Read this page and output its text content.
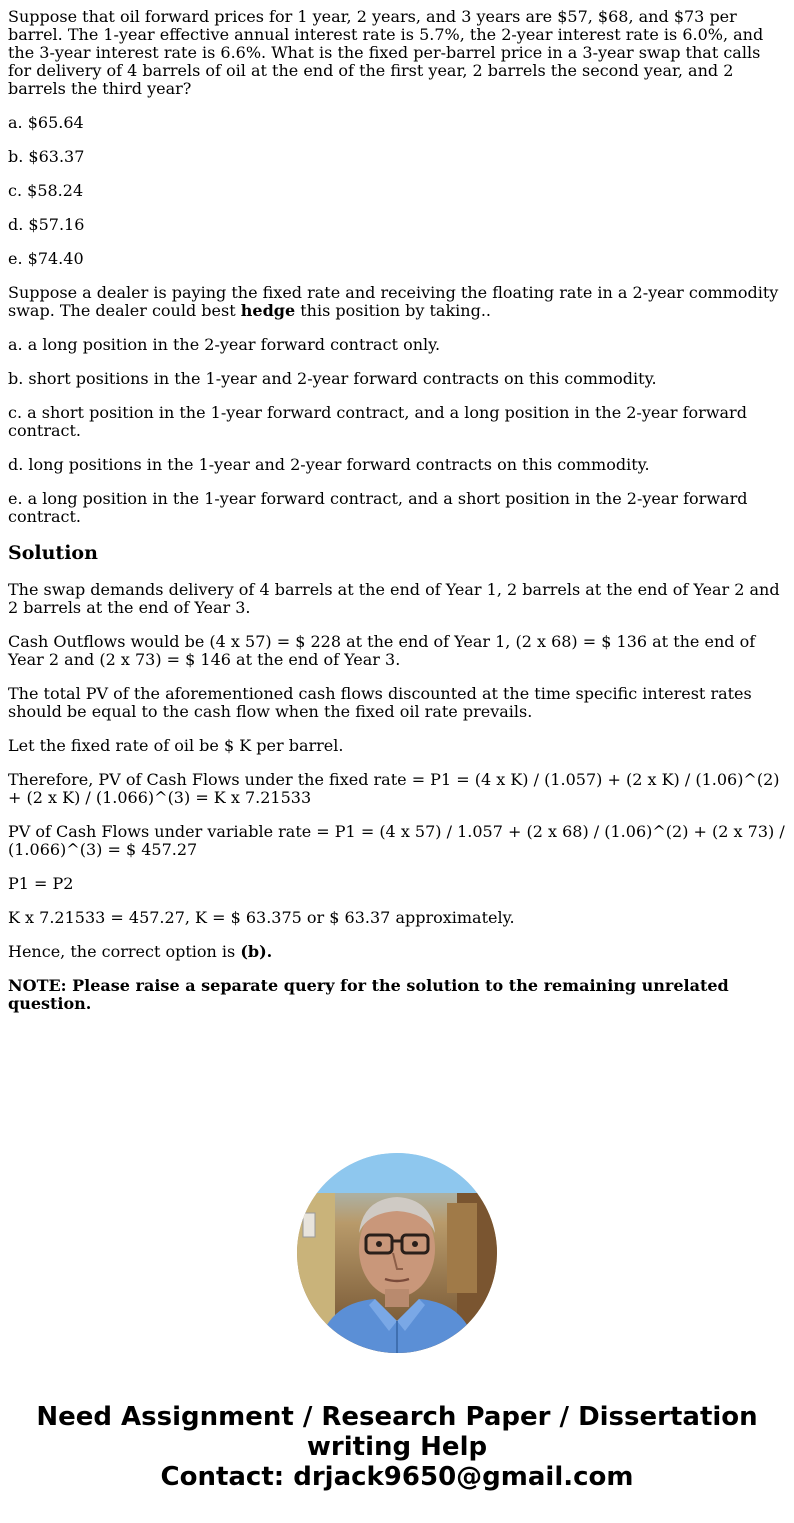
Suppose that oil forward prices for 1 year, 2 years, and 3 years are $57, $68, and $73 per barrel. The 1-year effective annual interest rate is 5.7%, the 2-year interest rate is 6.0%, and the 3-year interest rate is 6.6%. What is the fixed per-barrel price in a 3-year swap that calls for delivery of 4 barrels of oil at the end of the first year, 2 barrels the second year, and 2 barrels the third year?

a. $65.64

b. $63.37

c. $58.24

d. $57.16

e. $74.40

Suppose a dealer is paying the fixed rate and receiving the floating rate in a 2-year commodity swap. The dealer could best hedge this position by taking..

a. a long position in the 2-year forward contract only.

b. short positions in the 1-year and 2-year forward contracts on this commodity.

c. a short position in the 1-year forward contract, and a long position in the 2-year forward contract.

d. long positions in the 1-year and 2-year forward contracts on this commodity.

e. a long position in the 1-year forward contract, and a short position in the 2-year forward contract.

Solution

The swap demands delivery of 4 barrels at the end of Year 1, 2 barrels at the end of Year 2 and 2 barrels at the end of Year 3.

Cash Outflows would be (4 x 57) = $ 228 at the end of Year 1, (2 x 68) = $ 136 at the end of Year 2 and (2 x 73) = $ 146 at the end of Year 3.

The total PV of the aforementioned cash flows discounted at the time specific interest rates should be equal to the cash flow when the fixed oil rate prevails.

Let the fixed rate of oil be $ K per barrel.

Therefore, PV of Cash Flows under the fixed rate = P1 = (4 x K) / (1.057) + (2 x K) / (1.06)^(2) + (2 x K) / (1.066)^(3) = K x 7.21533

PV of Cash Flows under variable rate = P1 = (4 x 57) / 1.057 + (2 x 68) / (1.06)^(2) + (2 x 73) / (1.066)^(3) = $ 457.27

P1 = P2

K x 7.21533 = 457.27, K = $ 63.375 or $ 63.37 approximately.

Hence, the correct option is (b).

NOTE: Please raise a separate query for the solution to the remaining unrelated question.

Need Assignment / Research Paper / Dissertation
writing Help
Contact: drjack9650@gmail.com
